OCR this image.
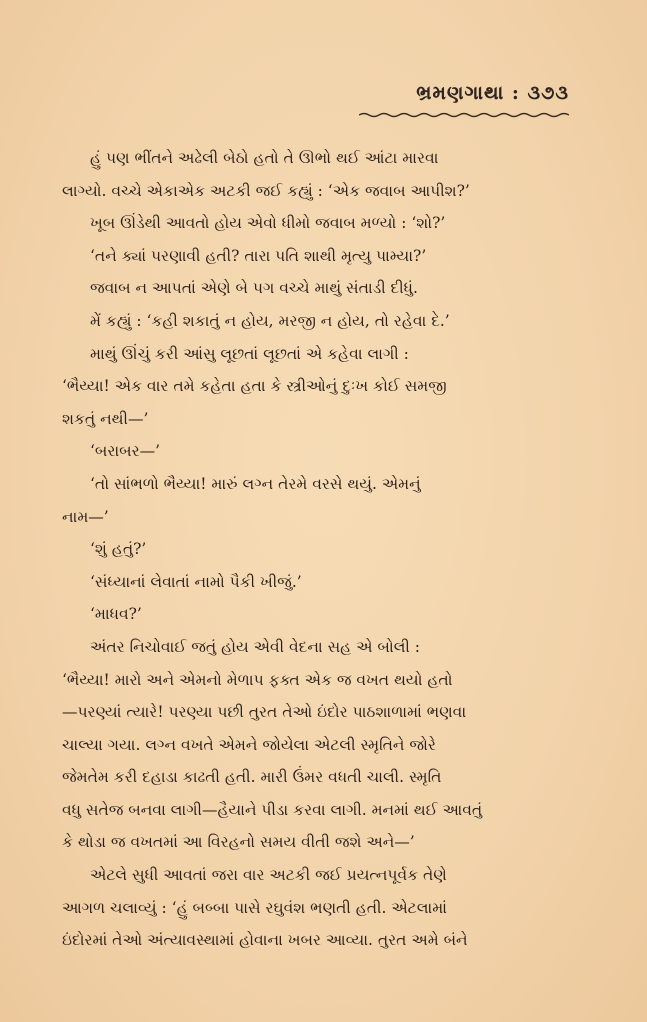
ભ્રમણગાથા : ૩૭૩
હું પણ ભીંતને અઢેલી બેઠો હતો તે ઊભો થઈ આંટા મારવા
લાગ્યો. વચ્ચે એકાએક અટકી જઈ કહ્યું : ‘એક જવાબ આપીશ?’
ખૂબ ઊંડેથી આવતો હોય એવો ધીમો જવાબ મળ્યો : ‘શો?’
‘તને ક્યાં પરણાવી હતી? તારા પતિ શાથી મૃત્યુ પામ્યા?’
જવાબ ન આપતાં એણે બે પગ વચ્ચે માથું સંતાડી દીધું.
મેં કહ્યું : ‘કહી શકાતું ન હોય, મરજી ન હોય, તો રહેવા દે.’
માથું ઊંચું કરી આંસુ લૂછતાં લૂછતાં એ કહેવા લાગી :
‘ભૈય્યા! એક વાર તમે કહેતા હતા કે સ્ત્રીઓનું દુઃખ કોઈ સમજી
શકતું નથી—’
‘બરાબર—’
‘તો સાંભળો ભૈય્યા! મારું લગ્ન તેરમે વરસે થયું. એમનું
નામ—’
‘શું હતું?’
‘સંધ્યાનાં લેવાતાં નામો પૈકી ખીજું.’
‘માધવ?’
અંતર નિચોવાઈ જતું હોય એવી વેદના સહ એ બોલી :
‘ભૈય્યા! મારો અને એમનો મેળાપ ફક્ત એક જ વખત થયો હતો
—પરણ્યાં ત્યારે! પરણ્યા પછી તુરત તેઓ ઇંદોર પાઠશાળામાં ભણવા
ચાલ્યા ગયા. લગ્ન વખતે એમને જોયેલા એટલી સ્મૃતિને જોરે
જેમતેમ કરી દહાડા કાઢતી હતી. મારી ઉંમર વધતી ચાલી. સ્મૃતિ
વધુ સતેજ બનવા લાગી—હૈયાને પીડા કરવા લાગી. મનમાં થઈ આવતું
કે થોડા જ વખતમાં આ વિરહનો સમય વીતી જશે અને—’
એટલે સુધી આવતાં જરા વાર અટકી જઈ પ્રયત્નપૂર્વક તેણે
આગળ ચલાવ્યું : ‘હું બબ્બા પાસે રઘુવંશ ભણતી હતી. એટલામાં
ઇંદોરમાં તેઓ અંત્યાવસ્થામાં હોવાના ખબર આવ્યા. તુરત અમે બંને
